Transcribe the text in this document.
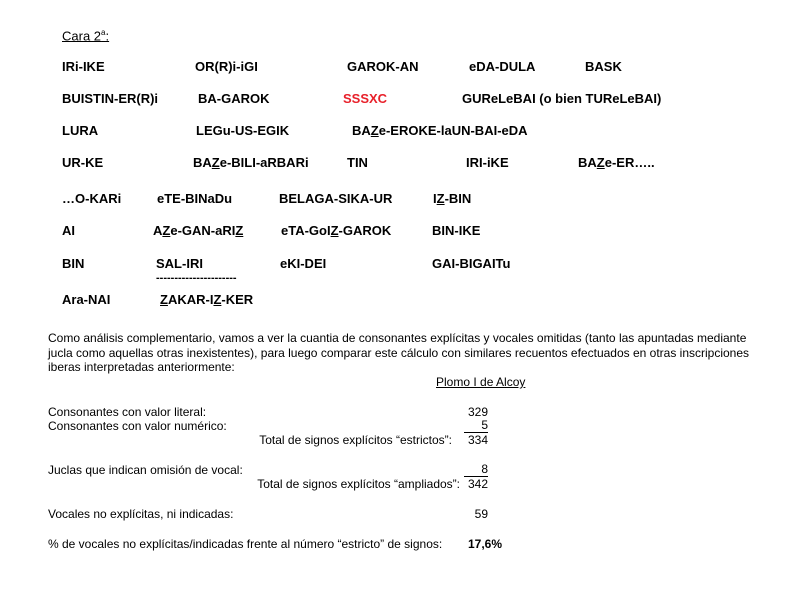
Cara 2$^a$:
IRi-IKE	OR(R)i-iGI	GAROK-AN	eDA-DULA	BASK
BUISTIN-ER(R)i	BA-GAROK	SSSXC	GUReLeBAI (o bien TUReLeBAI)
LURA	LEGu-US-EGIK	BAZe-EROKE-laUN-BAI-eDA
UR-KE	BAZe-BILI-aRBARi	TIN	IRI-iKE	BAZe-ER…..
…O-KARi	eTE-BINaDu	BELAGA-SIKA-UR	IZ-BIN
AI	AZe-GAN-aRIZ	eTA-GoIZ-GAROK	BIN-IKE
BIN	SAL-IRI	eKI-DEI	GAI-BIGAITu
Ara-NAI	ZAKAR-IZ-KER
----------------------
Como análisis complementario, vamos a ver la cuantia de consonantes explícitas y vocales omitidas (tanto las apuntadas mediante jucla como aquellas otras inexistentes), para luego comparar este cálculo con similares recuentos efectuados en otras inscripciones iberas interpretadas anteriormente:
Plomo I de Alcoy
Consonantes con valor literal:	329
Consonantes con valor numérico:	5
Total de signos explícitos “estrictos”:	334
Juclas que indican omisión de vocal:	8
Total de signos explícitos “ampliados”: 342
Vocales no explícitas, ni indicadas:	59
% de vocales no explícitas/indicadas frente al número “estricto” de signos: 17,6%
